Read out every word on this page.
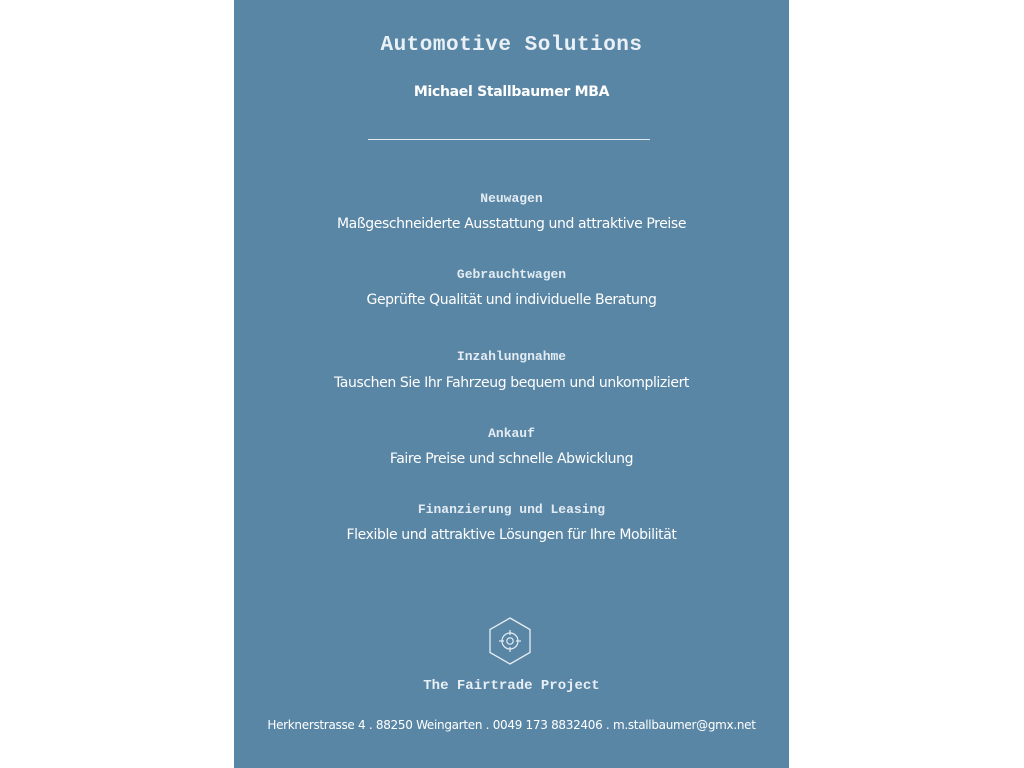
Automotive Solutions
Michael Stallbaumer MBA
Neuwagen
Maßgeschneiderte Ausstattung und attraktive Preise
Gebrauchtwagen
Geprüfte Qualität und individuelle Beratung
Inzahlungnahme
Tauschen Sie Ihr Fahrzeug bequem und unkompliziert
Ankauf
Faire Preise und schnelle Abwicklung
Finanzierung und Leasing
Flexible und attraktive Lösungen für Ihre Mobilität
The Fairtrade Project
Herknerstrasse 4 . 88250 Weingarten . 0049 173 8832406 . m.stallbaumer@gmx.net
